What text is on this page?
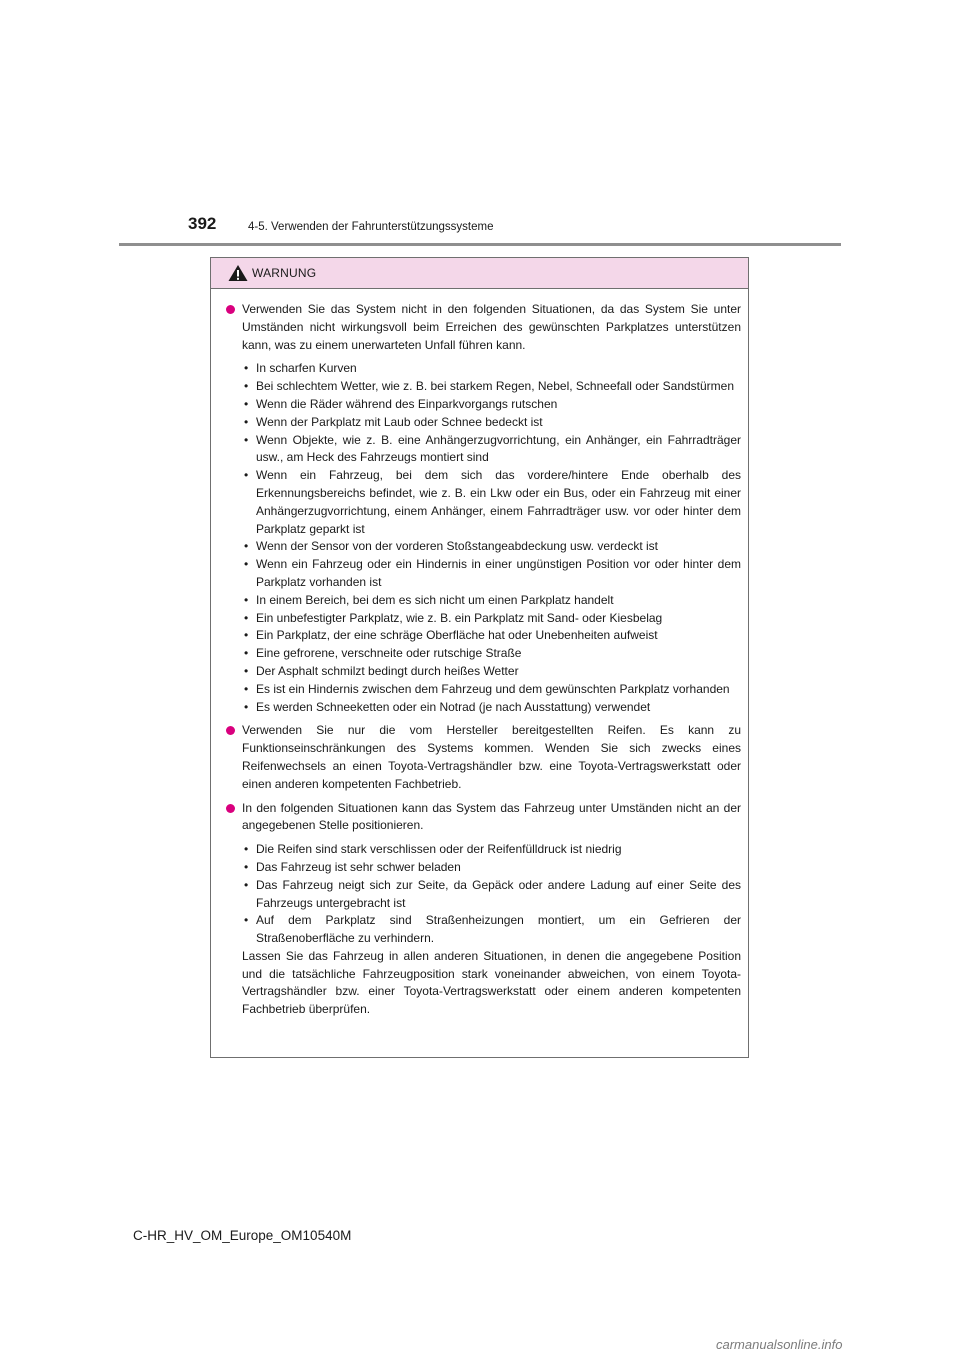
392	4-5. Verwenden der Fahrunterstützungssysteme
WARNUNG
Verwenden Sie das System nicht in den folgenden Situationen, da das System Sie unter Umständen nicht wirkungsvoll beim Erreichen des gewünschten Parkplatzes unterstützen kann, was zu einem unerwarteten Unfall führen kann.
• In scharfen Kurven
• Bei schlechtem Wetter, wie z. B. bei starkem Regen, Nebel, Schneefall oder Sandstürmen
• Wenn die Räder während des Einparkvorgangs rutschen
• Wenn der Parkplatz mit Laub oder Schnee bedeckt ist
• Wenn Objekte, wie z. B. eine Anhängerzugvorrichtung, ein Anhänger, ein Fahrradträger usw., am Heck des Fahrzeugs montiert sind
• Wenn ein Fahrzeug, bei dem sich das vordere/hintere Ende oberhalb des Erkennungsbereichs befindet, wie z. B. ein Lkw oder ein Bus, oder ein Fahrzeug mit einer Anhängerzugvorrichtung, einem Anhänger, einem Fahrradträger usw. vor oder hinter dem Parkplatz geparkt ist
• Wenn der Sensor von der vorderen Stoßstangeabdeckung usw. verdeckt ist
• Wenn ein Fahrzeug oder ein Hindernis in einer ungünstigen Position vor oder hinter dem Parkplatz vorhanden ist
• In einem Bereich, bei dem es sich nicht um einen Parkplatz handelt
• Ein unbefestigter Parkplatz, wie z. B. ein Parkplatz mit Sand- oder Kiesbelag
• Ein Parkplatz, der eine schräge Oberfläche hat oder Unebenheiten aufweist
• Eine gefrorene, verschneite oder rutschige Straße
• Der Asphalt schmilzt bedingt durch heißes Wetter
• Es ist ein Hindernis zwischen dem Fahrzeug und dem gewünschten Parkplatz vorhanden
• Es werden Schneeketten oder ein Notrad (je nach Ausstattung) verwendet
Verwenden Sie nur die vom Hersteller bereitgestellten Reifen. Es kann zu Funktionseinschränkungen des Systems kommen. Wenden Sie sich zwecks eines Reifenwechsels an einen Toyota-Vertragshändler bzw. eine Toyota-Vertragswerkstatt oder einen anderen kompetenten Fachbetrieb.
In den folgenden Situationen kann das System das Fahrzeug unter Umständen nicht an der angegebenen Stelle positionieren.
• Die Reifen sind stark verschlissen oder der Reifenfülldruck ist niedrig
• Das Fahrzeug ist sehr schwer beladen
• Das Fahrzeug neigt sich zur Seite, da Gepäck oder andere Ladung auf einer Seite des Fahrzeugs untergebracht ist
• Auf dem Parkplatz sind Straßenheizungen montiert, um ein Gefrieren der Straßenoberfläche zu verhindern.
Lassen Sie das Fahrzeug in allen anderen Situationen, in denen die angegebene Position und die tatsächliche Fahrzeugposition stark voneinander abweichen, von einem Toyota-Vertragshändler bzw. einer Toyota-Vertragswerkstatt oder einem anderen kompetenten Fachbetrieb überprüfen.
C-HR_HV_OM_Europe_OM10540M
carmanualsonline.info
